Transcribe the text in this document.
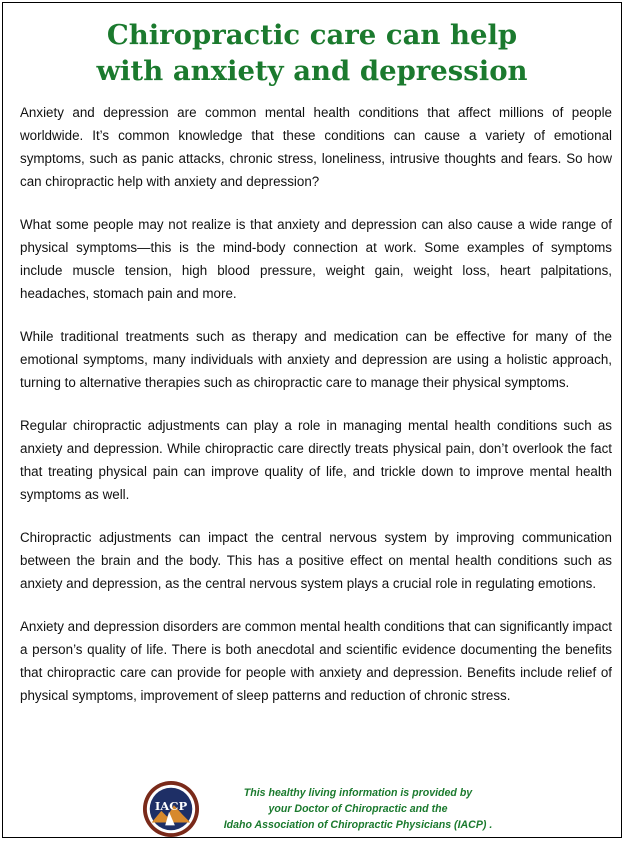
Chiropractic care can help
with anxiety and depression

Anxiety and depression are common mental health conditions that affect millions of people worldwide. It’s common knowledge that these conditions can cause a variety of emotional symptoms, such as panic attacks, chronic stress, loneliness, intrusive thoughts and fears. So how can chiropractic help with anxiety and depression?

What some people may not realize is that anxiety and depression can also cause a wide range of physical symptoms—this is the mind-body connection at work. Some examples of symptoms include muscle tension, high blood pressure, weight gain, weight loss, heart palpitations, headaches, stomach pain and more.

While traditional treatments such as therapy and medication can be effective for many of the emotional symptoms, many individuals with anxiety and depression are using a holistic approach, turning to alternative therapies such as chiropractic care to manage their physical symptoms.

Regular chiropractic adjustments can play a role in managing mental health conditions such as anxiety and depression. While chiropractic care directly treats physical pain, don’t overlook the fact that treating physical pain can improve quality of life, and trickle down to improve mental health symptoms as well.

Chiropractic adjustments can impact the central nervous system by improving communication between the brain and the body. This has a positive effect on mental health conditions such as anxiety and depression, as the central nervous system plays a crucial role in regulating emotions.

Anxiety and depression disorders are common mental health conditions that can significantly impact a person’s quality of life. There is both anecdotal and scientific evidence documenting the benefits that chiropractic care can provide for people with anxiety and depression. Benefits include relief of physical symptoms, improvement of sleep patterns and reduction of chronic stress.

IACP
This healthy living information is provided by
your Doctor of Chiropractic and the
Idaho Association of Chiropractic Physicians (IACP) .
